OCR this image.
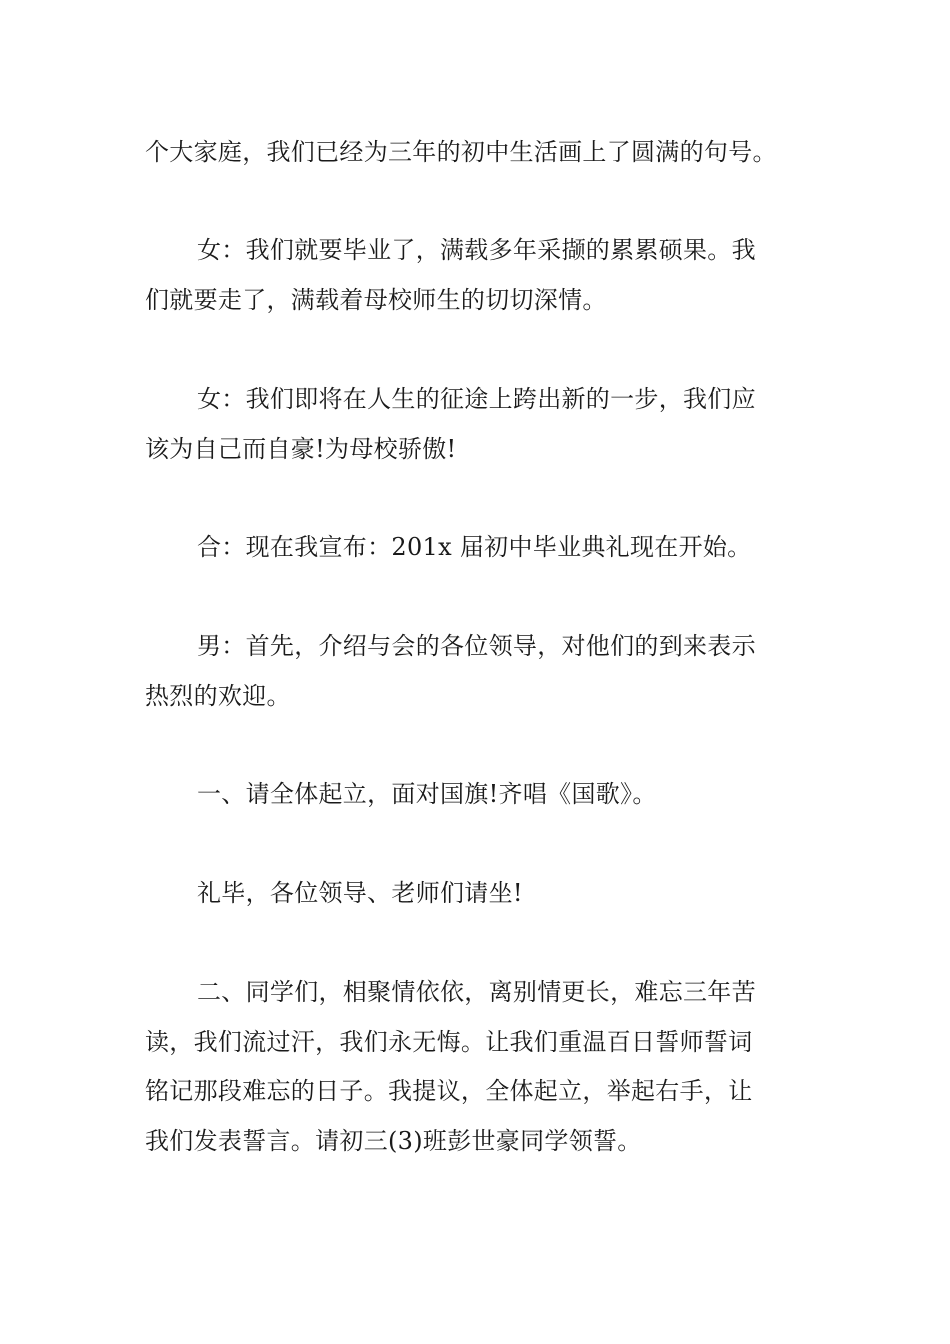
个大家庭，我们已经为三年的初中生活画上了圆满的句号。

女：我们就要毕业了，满载多年采撷的累累硕果。我
们就要走了，满载着母校师生的切切深情。

女：我们即将在人生的征途上跨出新的一步，我们应
该为自己而自豪!为母校骄傲!

合：现在我宣布：201x 届初中毕业典礼现在开始。

男：首先，介绍与会的各位领导，对他们的到来表示
热烈的欢迎。

一、请全体起立，面对国旗!齐唱《国歌》。

礼毕，各位领导、老师们请坐!

二、同学们，相聚情依依，离别情更长，难忘三年苦
读，我们流过汗，我们永无悔。让我们重温百日誓师誓词
铭记那段难忘的日子。我提议，全体起立，举起右手，让
我们发表誓言。请初三(3)班彭世豪同学领誓。
